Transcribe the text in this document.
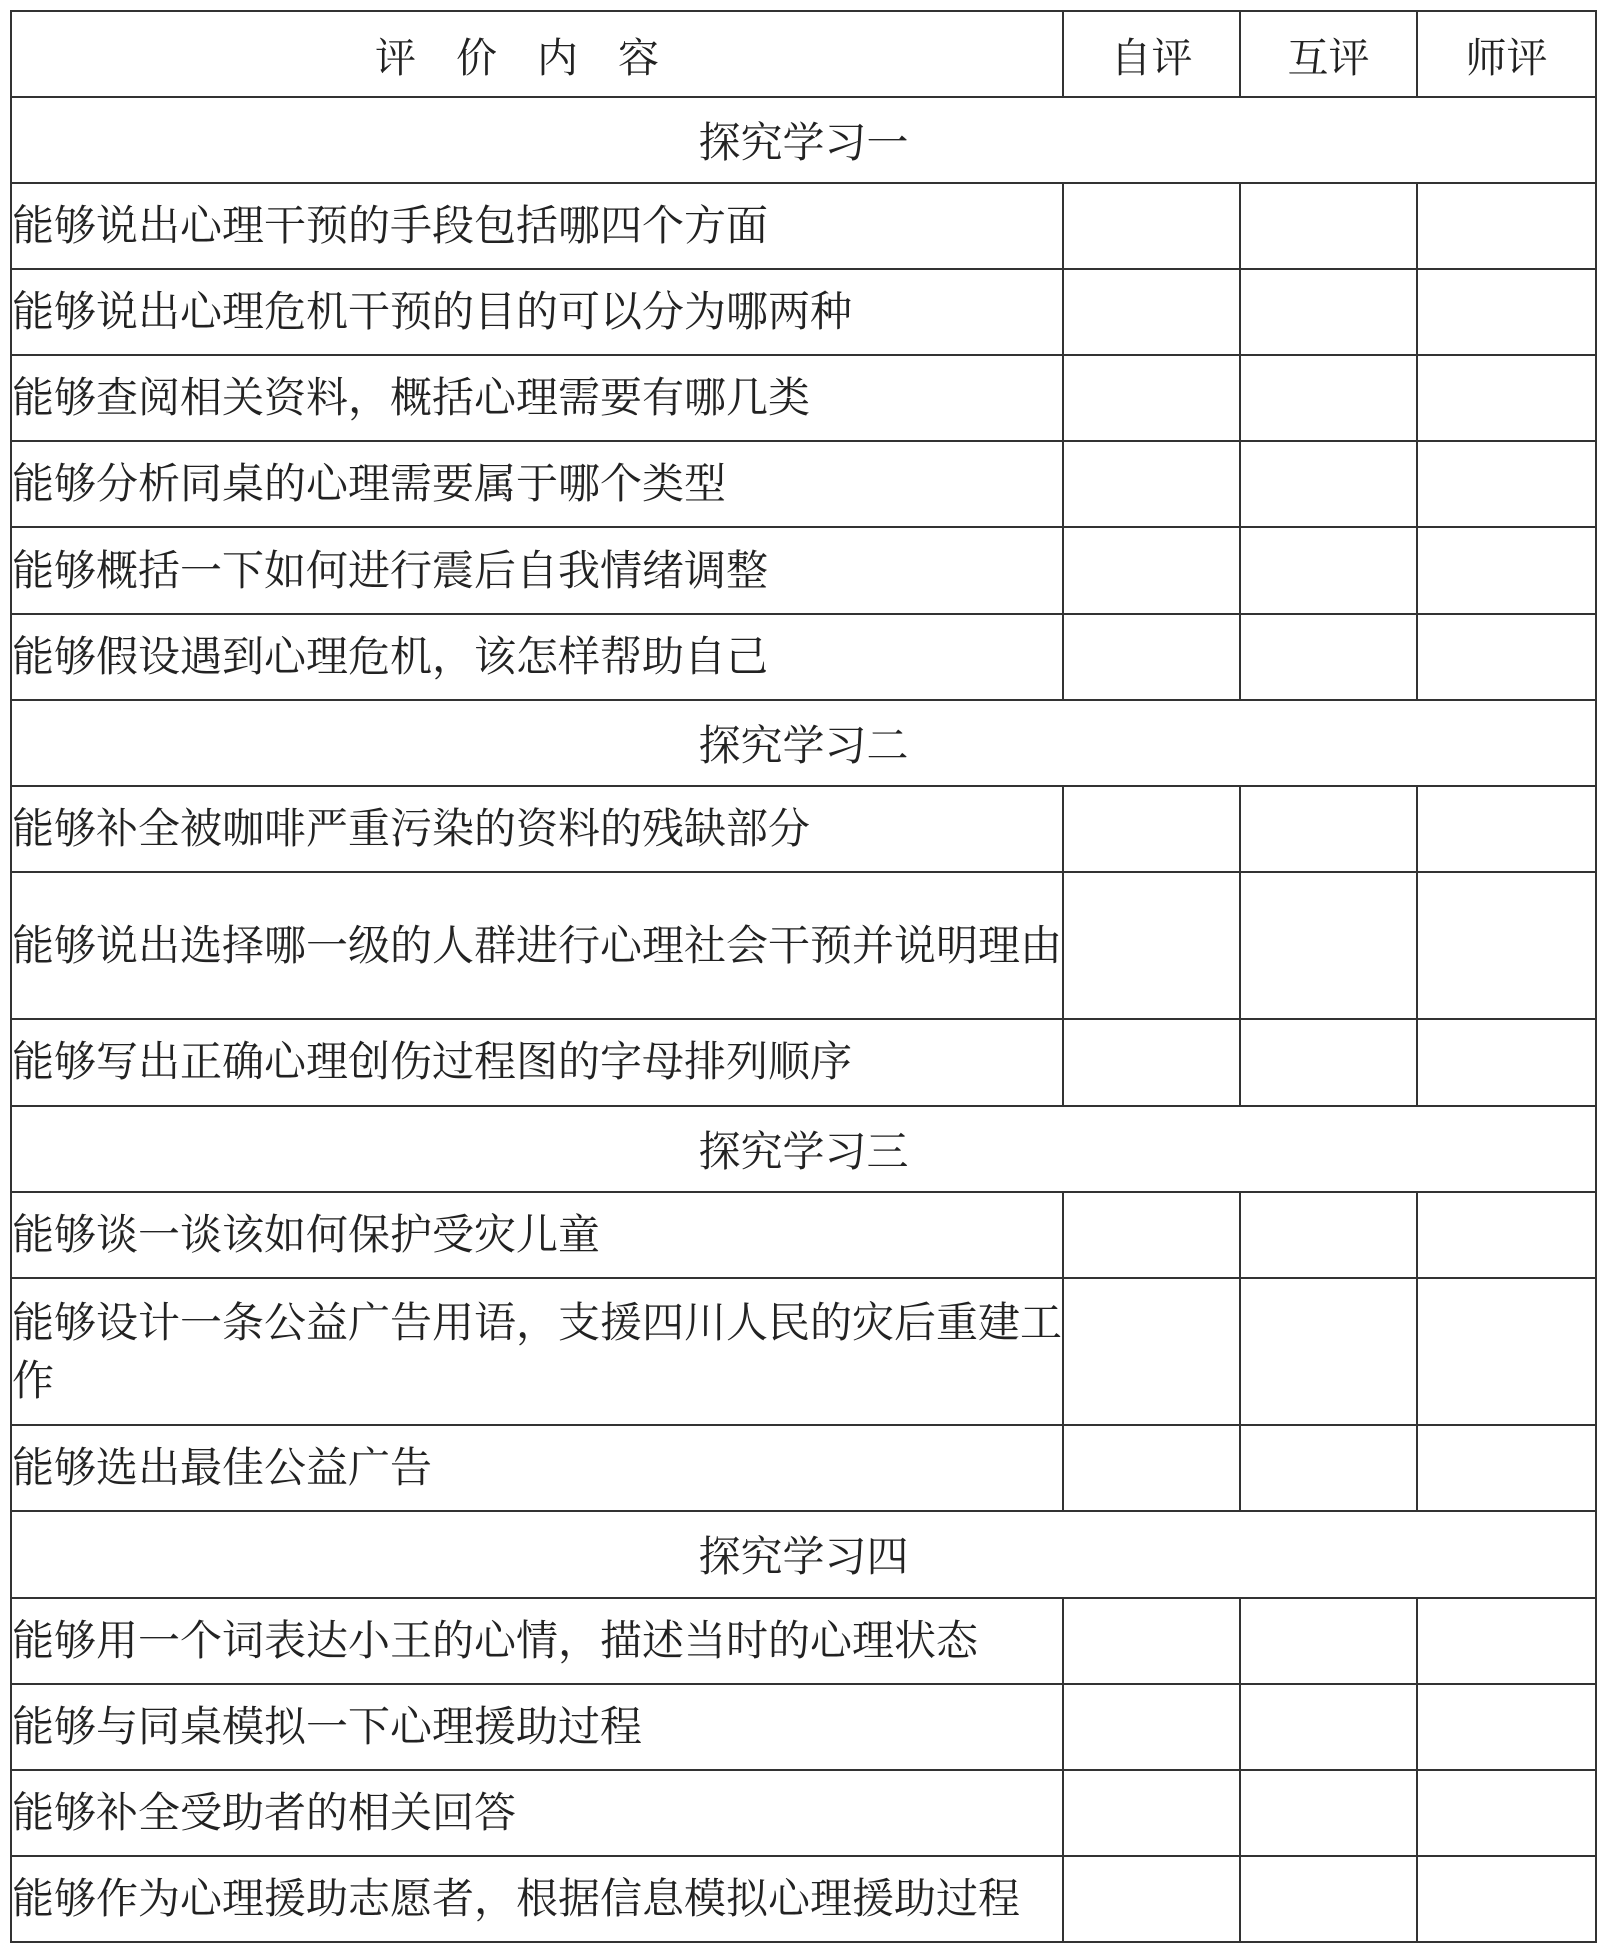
评价内容	自评	互评	师评
探究学习一			
能够说出心理干预的手段包括哪四个方面			
能够说出心理危机干预的目的可以分为哪两种			
能够查阅相关资料，概括心理需要有哪几类			
能够分析同桌的心理需要属于哪个类型			
能够概括一下如何进行震后自我情绪调整			
能够假设遇到心理危机，该怎样帮助自己			
探究学习二			
能够补全被咖啡严重污染的资料的残缺部分			
能够说出选择哪一级的人群进行心理社会干预并说明理由			
能够写出正确心理创伤过程图的字母排列顺序			
探究学习三			
能够谈一谈该如何保护受灾儿童			
能够设计一条公益广告用语，支援四川人民的灾后重建工作			
能够选出最佳公益广告			
探究学习四			
能够用一个词表达小王的心情，描述当时的心理状态			
能够与同桌模拟一下心理援助过程			
能够补全受助者的相关回答			
能够作为心理援助志愿者，根据信息模拟心理援助过程			
